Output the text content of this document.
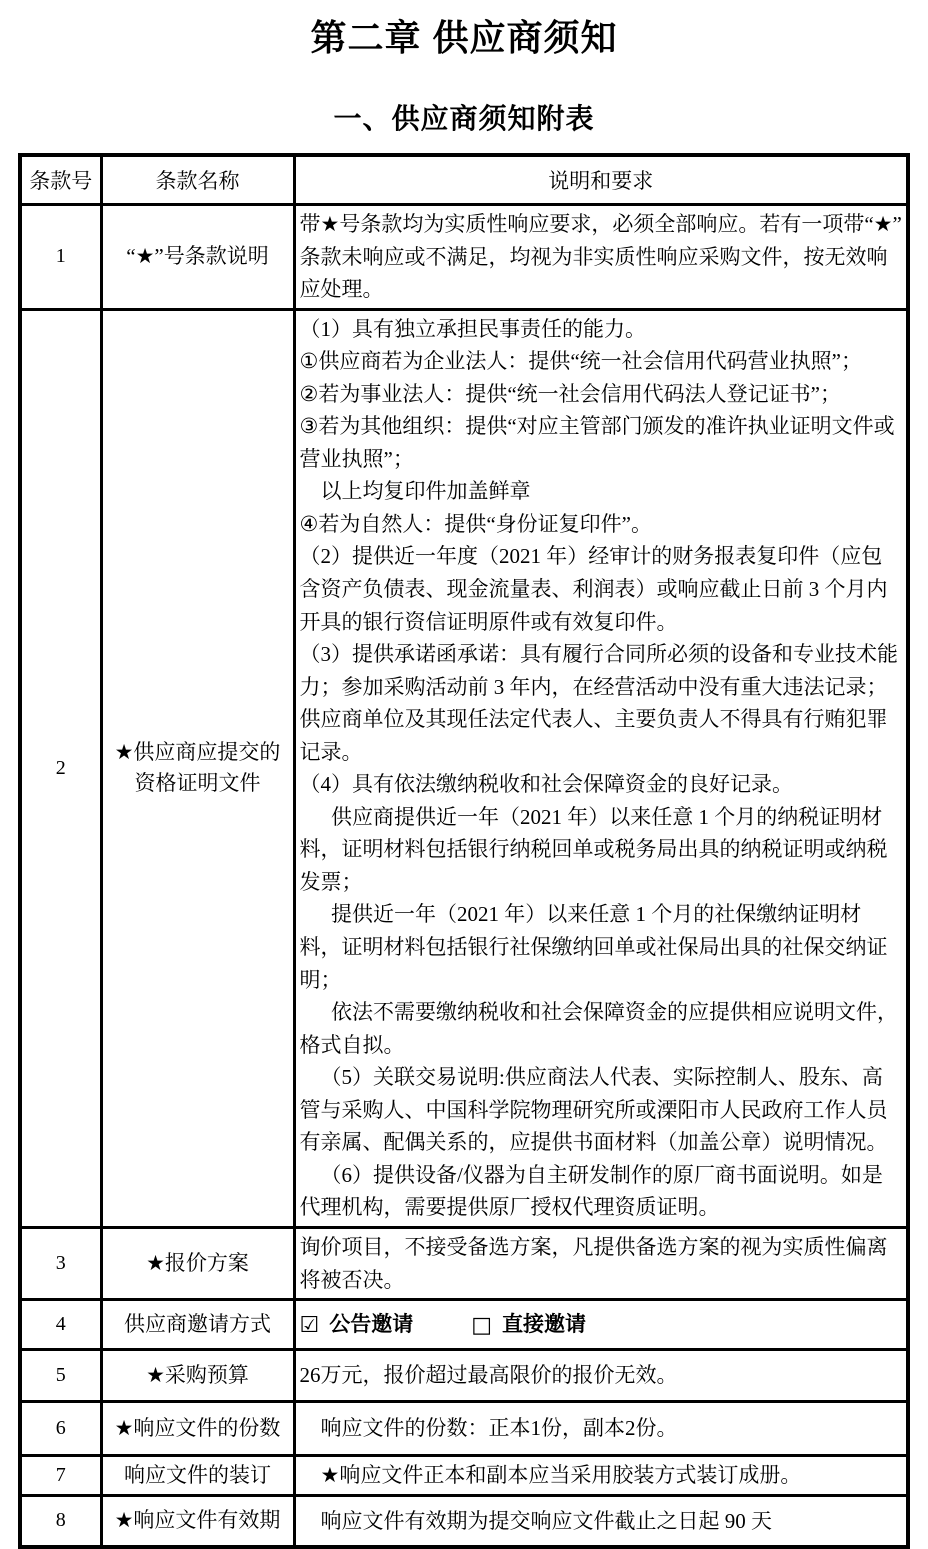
第二章 供应商须知
一、供应商须知附表
条款号	条款名称	说明和要求
1	“★”号条款说明	带★号条款均为实质性响应要求，必须全部响应。若有一项带“★”条款未响应或不满足，均视为非实质性响应采购文件，按无效响应处理。

2	★供应商应提交的资格证明文件	
（1）具有独立承担民事责任的能力。
①供应商若为企业法人：提供“统一社会信用代码营业执照”；
②若为事业法人：提供“统一社会信用代码法人登记证书”；
③若为其他组织：提供“对应主管部门颁发的准许执业证明文件或营业执照”；
以上均复印件加盖鲜章
④若为自然人：提供“身份证复印件”。
（2）提供近一年度（2021 年）经审计的财务报表复印件（应包含资产负债表、现金流量表、利润表）或响应截止日前 3 个月内开具的银行资信证明原件或有效复印件。
（3）提供承诺函承诺：具有履行合同所必须的设备和专业技术能力；参加采购活动前 3 年内，在经营活动中没有重大违法记录；供应商单位及其现任法定代表人、主要负责人不得具有行贿犯罪记录。
（4）具有依法缴纳税收和社会保障资金的良好记录。
供应商提供近一年（2021 年）以来任意 1 个月的纳税证明材料，证明材料包括银行纳税回单或税务局出具的纳税证明或纳税发票；
提供近一年（2021 年）以来任意 1 个月的社保缴纳证明材料，证明材料包括银行社保缴纳回单或社保局出具的社保交纳证明；
依法不需要缴纳税收和社会保障资金的应提供相应说明文件，格式自拟。
（5）关联交易说明:供应商法人代表、实际控制人、股东、高管与采购人、中国科学院物理研究所或溧阳市人民政府工作人员有亲属、配偶关系的，应提供书面材料（加盖公章）说明情况。
（6）提供设备/仪器为自主研发制作的原厂商书面说明。如是代理机构，需要提供原厂授权代理资质证明。

3	★报价方案	询价项目，不接受备选方案，凡提供备选方案的视为实质性偏离将被否决。

4	供应商邀请方式	☑ 公告邀请 □ 直接邀请

5	★采购预算	26万元，报价超过最高限价的报价无效。

6	★响应文件的份数	响应文件的份数：正本1份，副本2份。

7	响应文件的装订	★响应文件正本和副本应当采用胶装方式装订成册。

8	★响应文件有效期	响应文件有效期为提交响应文件截止之日起 90 天
